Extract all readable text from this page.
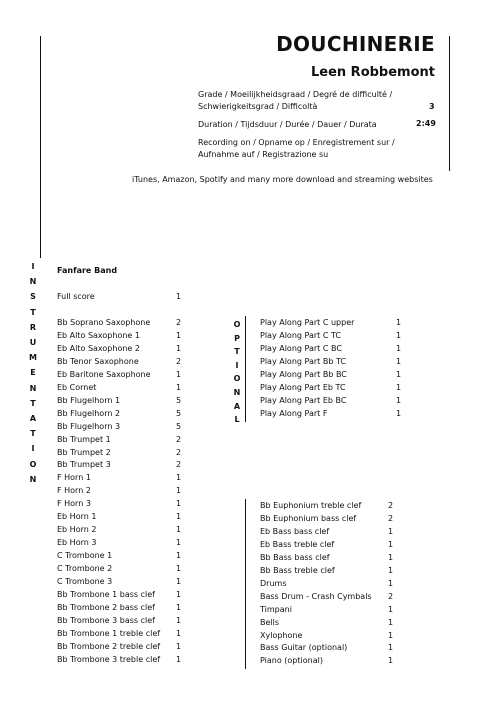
DOUCHINERIE
Leen Robbemont
Grade / Moeilijkheidsgraad / Degré de difficulté /
Schwierigkeitsgrad / Difficoltà	3
Duration / Tijdsduur / Durée / Dauer / Durata	2:49
Recording on / Opname op / Enregistrement sur /
Aufnahme auf / Registrazione su
iTunes, Amazon, Spotify and many more download and streaming websites
I
N
S
T
R
U
M
E
N
T
A
T
I
O
N
Fanfare Band
Full score	1
Bb Soprano Saxophone	2
Eb Alto Saxophone 1	1
Eb Alto Saxophone 2	1
Bb Tenor Saxophone	2
Eb Baritone Saxophone	1
Eb Cornet	1
Bb Flugelhorn 1	5
Bb Flugelhorn 2	5
Bb Flugelhorn 3	5
Bb Trumpet 1	2
Bb Trumpet 2	2
Bb Trumpet 3	2
F Horn 1	1
F Horn 2	1
F Horn 3	1
Eb Horn 1	1
Eb Horn 2	1
Eb Horn 3	1
C Trombone 1	1
C Trombone 2	1
C Trombone 3	1
Bb Trombone 1 bass clef	1
Bb Trombone 2 bass clef	1
Bb Trombone 3 bass clef	1
Bb Trombone 1 treble clef 1
Bb Trombone 2 treble clef 1
Bb Trombone 3 treble clef 1
O
P
T
I
O
N
A
L
Play Along Part C upper	1
Play Along Part C TC	1
Play Along Part C BC	1
Play Along Part Bb TC	1
Play Along Part Bb BC	1
Play Along Part Eb TC	1
Play Along Part Eb BC	1
Play Along Part F	1
Bb Euphonium treble clef	2
Bb Euphonium bass clef	2
Eb Bass bass clef	1
Eb Bass treble clef	1
Bb Bass bass clef	1
Bb Bass treble clef	1
Drums	1
Bass Drum - Crash Cymbals 2
Timpani	1
Bells	1
Xylophone	1
Bass Guitar (optional)	1
Piano (optional)	1
